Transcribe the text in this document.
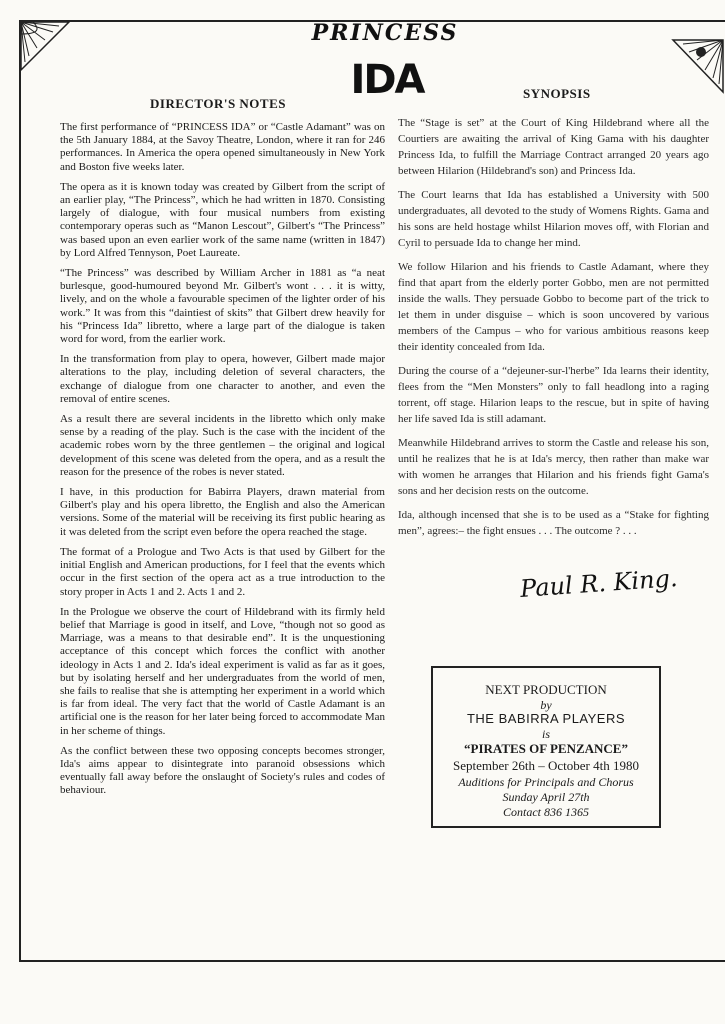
PRINCESS
IDA
DIRECTOR'S NOTES
SYNOPSIS

The first performance of “PRINCESS IDA” or “Castle Adamant” was on the 5th January 1884, at the Savoy Theatre, London, where it ran for 246 performances. In America the opera opened simultaneously in New York and Boston five weeks later.

The opera as it is known today was created by Gilbert from the script of an earlier play, “The Princess”, which he had written in 1870. Consisting largely of dialogue, with four musical numbers from existing contemporary operas such as “Manon Lescout”, Gilbert's “The Princess” was based upon an even earlier work of the same name (written in 1847) by Lord Alfred Tennyson, Poet Laureate.

“The Princess” was described by William Archer in 1881 as “a neat burlesque, good-humoured beyond Mr. Gilbert's wont . . . it is witty, lively, and on the whole a favourable specimen of the lighter order of his work.” It was from this “daintiest of skits” that Gilbert drew heavily for his “Princess Ida” libretto, where a large part of the dialogue is taken word for word, from the earlier work.

In the transformation from play to opera, however, Gilbert made major alterations to the play, including deletion of several characters, the exchange of dialogue from one character to another, and even the removal of entire scenes.

As a result there are several incidents in the libretto which only make sense by a reading of the play. Such is the case with the incident of the academic robes worn by the three gentlemen – the original and logical development of this scene was deleted from the opera, and as a result the reason for the presence of the robes is never stated.

I have, in this production for Babirra Players, drawn material from Gilbert's play and his opera libretto, the English and also the American versions. Some of the material will be receiving its first public hearing as it was deleted from the script even before the opera reached the stage.

The format of a Prologue and Two Acts is that used by Gilbert for the initial English and American productions, for I feel that the events which occur in the first section of the opera act as a true introduction to the story proper in Acts 1 and 2. Acts 1 and 2.

In the Prologue we observe the court of Hildebrand with its firmly held belief that Marriage is good in itself, and Love, “though not so good as Marriage, was a means to that desirable end”. It is the unquestioning acceptance of this concept which forces the conflict with another ideology in Acts 1 and 2. Ida's ideal experiment is valid as far as it goes, but by isolating herself and her undergraduates from the world of men, she fails to realise that she is attempting her experiment in a world which is far from ideal. The very fact that the world of Castle Adamant is an artificial one is the reason for her later being forced to accommodate Man in her scheme of things.

As the conflict between these two opposing concepts becomes stronger, Ida's aims appear to disintegrate into paranoid obsessions which eventually fall away before the onslaught of Society's rules and codes of behaviour.

The “Stage is set” at the Court of King Hildebrand where all the Courtiers are awaiting the arrival of King Gama with his daughter Princess Ida, to fulfill the Marriage Contract arranged 20 years ago between Hilarion (Hildebrand's son) and Princess Ida.

The Court learns that Ida has established a University with 500 undergraduates, all devoted to the study of Womens Rights. Gama and his sons are held hostage whilst Hilarion moves off, with Florian and Cyril to persuade Ida to change her mind.

We follow Hilarion and his friends to Castle Adamant, where they find that apart from the elderly porter Gobbo, men are not permitted inside the walls. They persuade Gobbo to become part of the trick to let them in under disguise – which is soon uncovered by various members of the Campus – who for various ambitious reasons keep their identity concealed from Ida.

During the course of a “dejeuner-sur-l'herbe” Ida learns their identity, flees from the “Men Monsters” only to fall headlong into a raging torrent, off stage. Hilarion leaps to the rescue, but in spite of having her life saved Ida is still adamant.

Meanwhile Hildebrand arrives to storm the Castle and release his son, until he realizes that he is at Ida's mercy, then rather than make war with women he arranges that Hilarion and his friends fight Gama's sons and her decision rests on the outcome.

Ida, although incensed that she is to be used as a “Stake for fighting men”, agrees:– the fight ensues . . . The outcome ? . . .

Paul R. King.
NEXT PRODUCTION
by
THE BABIRRA PLAYERS
is
“PIRATES OF PENZANCE”
September 26th – October 4th 1980
Auditions for Principals and Chorus
Sunday April 27th
Contact 836 1365
